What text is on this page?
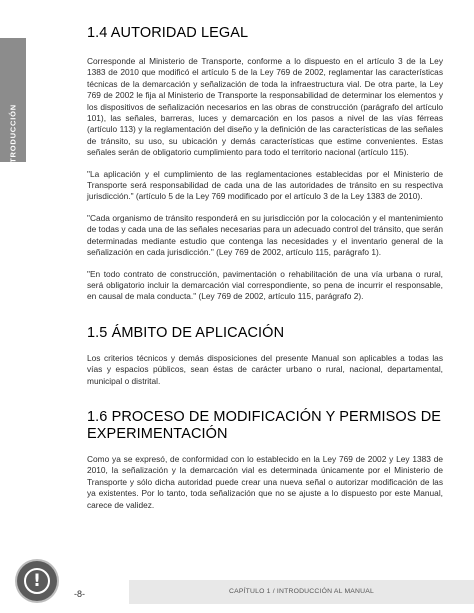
INTRODUCCIÓN
1.4 AUTORIDAD LEGAL

Corresponde al Ministerio de Transporte, conforme a lo dispuesto en el artículo 3 de la Ley 1383 de 2010 que modificó el artículo 5 de la Ley 769 de 2002, reglamentar las características técnicas de la demarcación y señalización de toda la infraestructura vial. De otra parte, la Ley 769 de 2002 le fija al Ministerio de Transporte la responsabilidad de determinar los elementos y los dispositivos de señalización necesarios en las obras de construcción (parágrafo del artículo 101), las señales, barreras, luces y demarcación en los pasos a nivel de las vías férreas (artículo 113) y la reglamentación del diseño y la definición de las características de las señales de tránsito, su uso, su ubicación y demás características que estime convenientes. Estas señales serán de obligatorio cumplimiento para todo el territorio nacional (artículo 115).

"La aplicación y el cumplimiento de las reglamentaciones establecidas por el Ministerio de Transporte será responsabilidad de cada una de las autoridades de tránsito en su respectiva jurisdicción." (artículo 5 de la Ley 769 modificado por el artículo 3 de la Ley 1383 de 2010).

"Cada organismo de tránsito responderá en su jurisdicción por la colocación y el mantenimiento de todas y cada una de las señales necesarias para un adecuado control del tránsito, que serán determinadas mediante estudio que contenga las necesidades y el inventario general de la señalización en cada jurisdicción." (Ley 769 de 2002, artículo 115, parágrafo 1).

"En todo contrato de construcción, pavimentación o rehabilitación de una vía urbana o rural, será obligatorio incluir la demarcación vial correspondiente, so pena de incurrir el responsable, en causal de mala conducta." (Ley 769 de 2002, artículo 115, parágrafo 2).

1.5 ÁMBITO DE APLICACIÓN

Los criterios técnicos y demás disposiciones del presente Manual son aplicables a todas las vías y espacios públicos, sean éstas de carácter urbano o rural, nacional, departamental, municipal o distrital.

1.6 PROCESO DE MODIFICACIÓN Y PERMISOS DE EXPERIMENTACIÓN

Como ya se expresó, de conformidad con lo establecido en la Ley 769 de 2002 y Ley 1383 de 2010, la señalización y la demarcación vial es determinada únicamente por el Ministerio de Transporte y sólo dicha autoridad puede crear una nueva señal o autorizar modificación de las ya existentes. Por lo tanto, toda señalización que no se ajuste a lo dispuesto por este Manual, carece de validez.

!
-8-	CAPÍTULO 1 / INTRODUCCIÓN AL MANUAL
